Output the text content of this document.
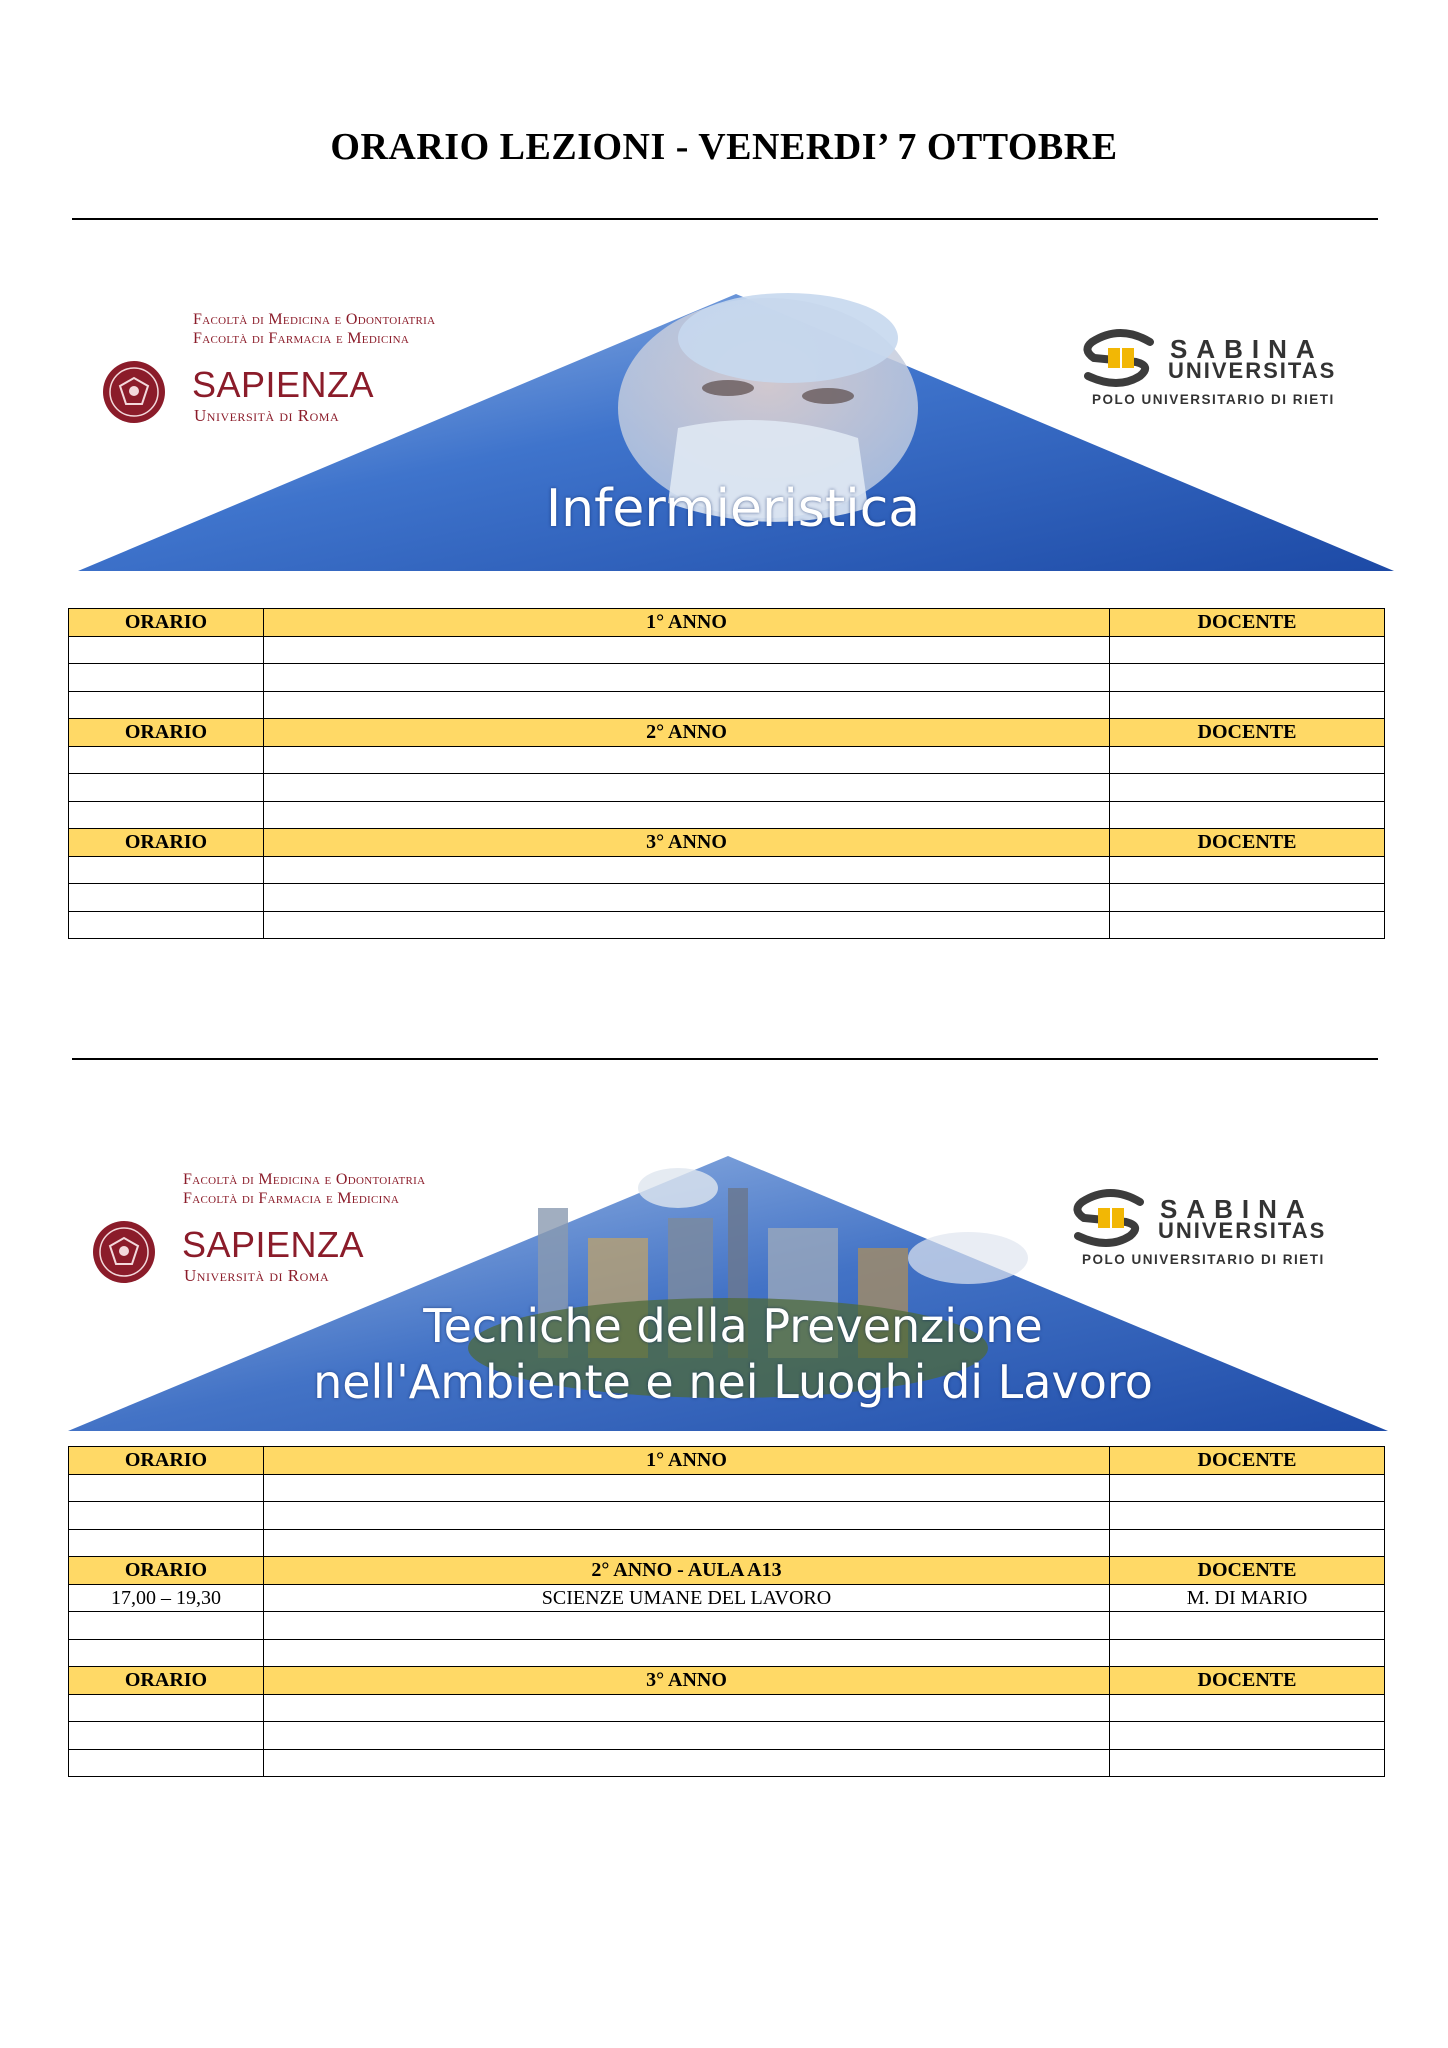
ORARIO LEZIONI - VENERDI’ 7 OTTOBRE
Facoltà di Medicina e Odontoiatria
Facoltà di Farmacia e Medicina
SAPIENZA
Università di Roma
SABINA
UNIVERSITAS
POLO UNIVERSITARIO DI RIETI
Infermieristica
ORARIO	1° ANNO	DOCENTE

ORARIO	2° ANNO	DOCENTE

ORARIO	3° ANNO	DOCENTE

Facoltà di Medicina e Odontoiatria
Facoltà di Farmacia e Medicina
SAPIENZA
Università di Roma
SABINA
UNIVERSITAS
POLO UNIVERSITARIO DI RIETI
Tecniche della Prevenzione
nell'Ambiente e nei Luoghi di Lavoro
ORARIO	1° ANNO	DOCENTE

ORARIO	2° ANNO - AULA A13	DOCENTE
17,00 – 19,30	SCIENZE UMANE DEL LAVORO	M. DI MARIO

ORARIO	3° ANNO	DOCENTE
